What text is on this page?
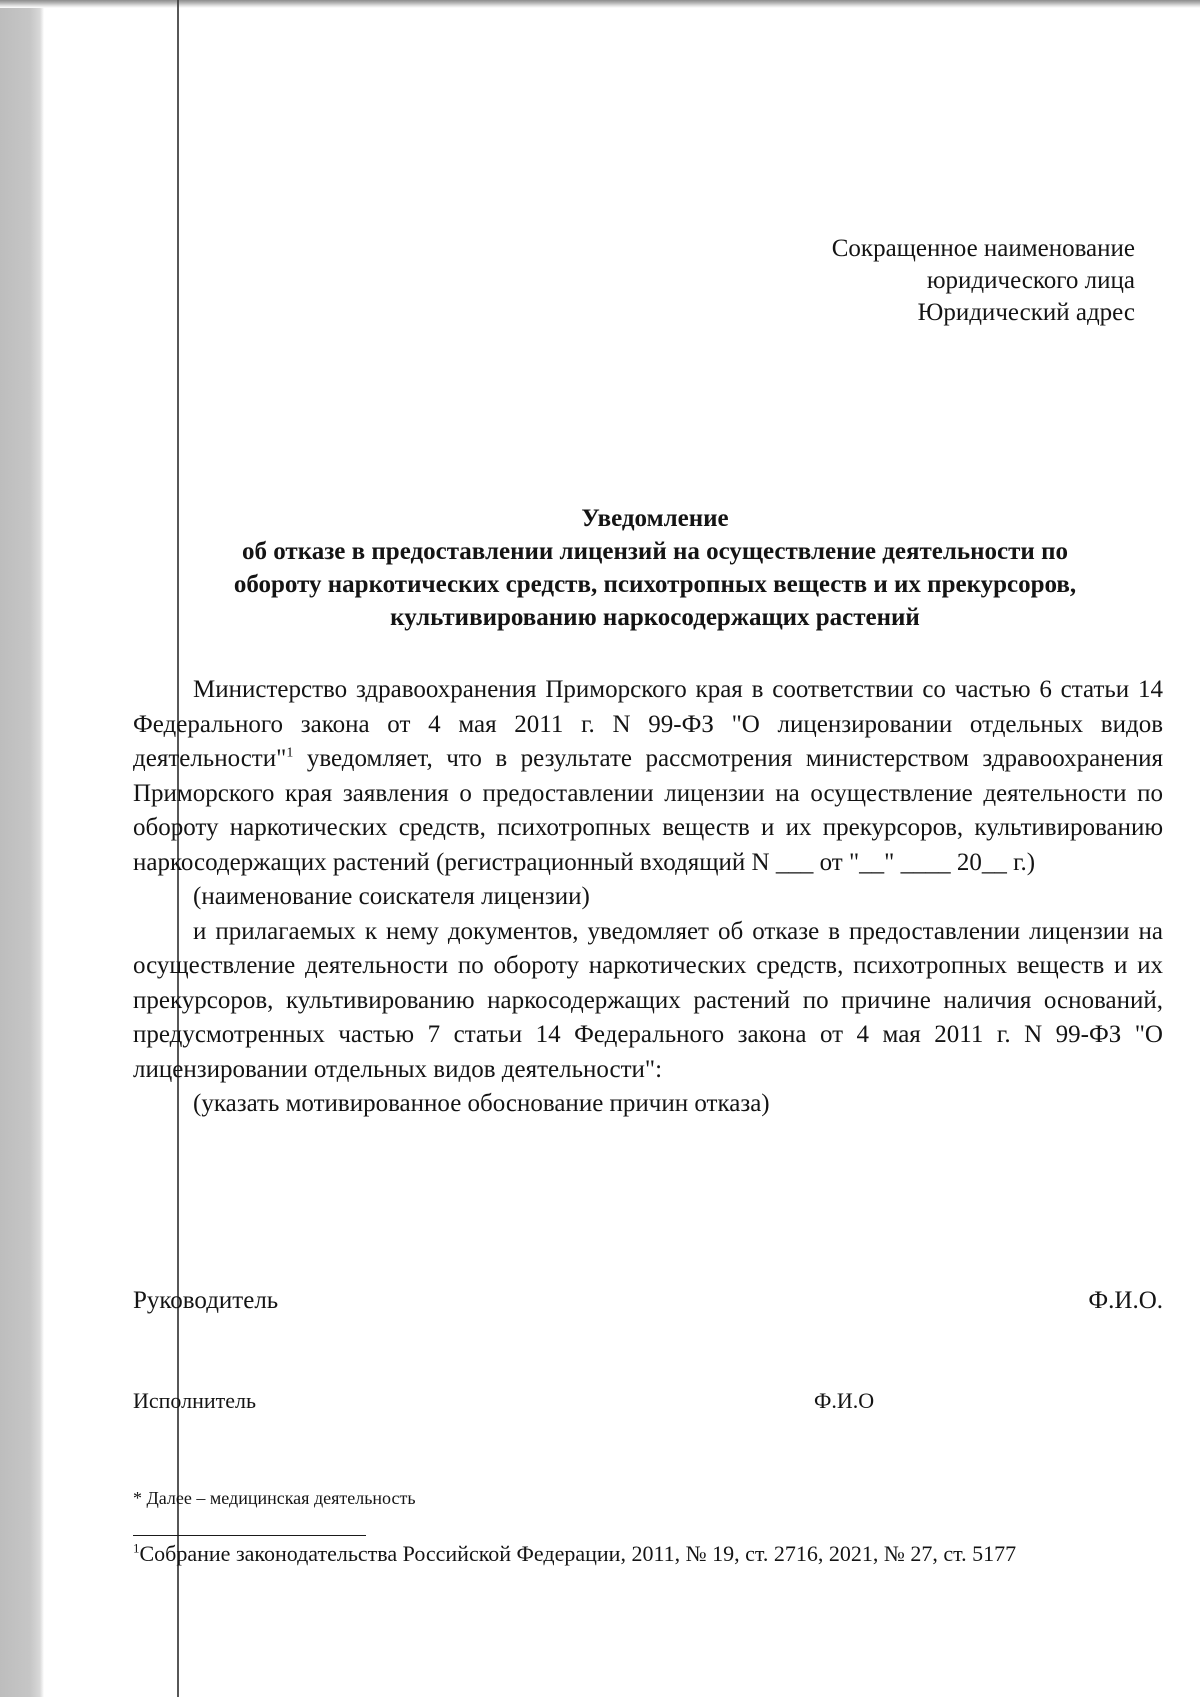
Сокращенное наименование
юридического лица
Юридический адрес
Уведомление
об отказе в предоставлении лицензий на осуществление деятельности по
обороту наркотических средств, психотропных веществ и их прекурсоров,
культивированию наркосодержащих растений

Министерство здравоохранения Приморского края в соответствии со частью 6 статьи 14 Федерального закона от 4 мая 2011 г. N 99-ФЗ "О лицензировании отдельных видов деятельности"$^1$ уведомляет, что в результате рассмотрения министерством здравоохранения Приморского края заявления о предоставлении лицензии на осуществление деятельности по обороту наркотических средств, психотропных веществ и их прекурсоров, культивированию наркосодержащих растений (регистрационный входящий N ___ от "__" ____ 20__ г.)

(наименование соискателя лицензии)

и прилагаемых к нему документов, уведомляет об отказе в предоставлении лицензии на осуществление деятельности по обороту наркотических средств, психотропных веществ и их прекурсоров, культивированию наркосодержащих растений по причине наличия оснований, предусмотренных частью 7 статьи 14 Федерального закона от 4 мая 2011 г. N 99-ФЗ "О лицензировании отдельных видов деятельности":

(указать мотивированное обоснование причин отказа)

Руководитель	Ф.И.О.
Исполнитель	Ф.И.О
* Далее – медицинская деятельность
$^1$Собрание законодательства Российской Федерации, 2011, № 19, ст. 2716, 2021, № 27, ст. 5177
